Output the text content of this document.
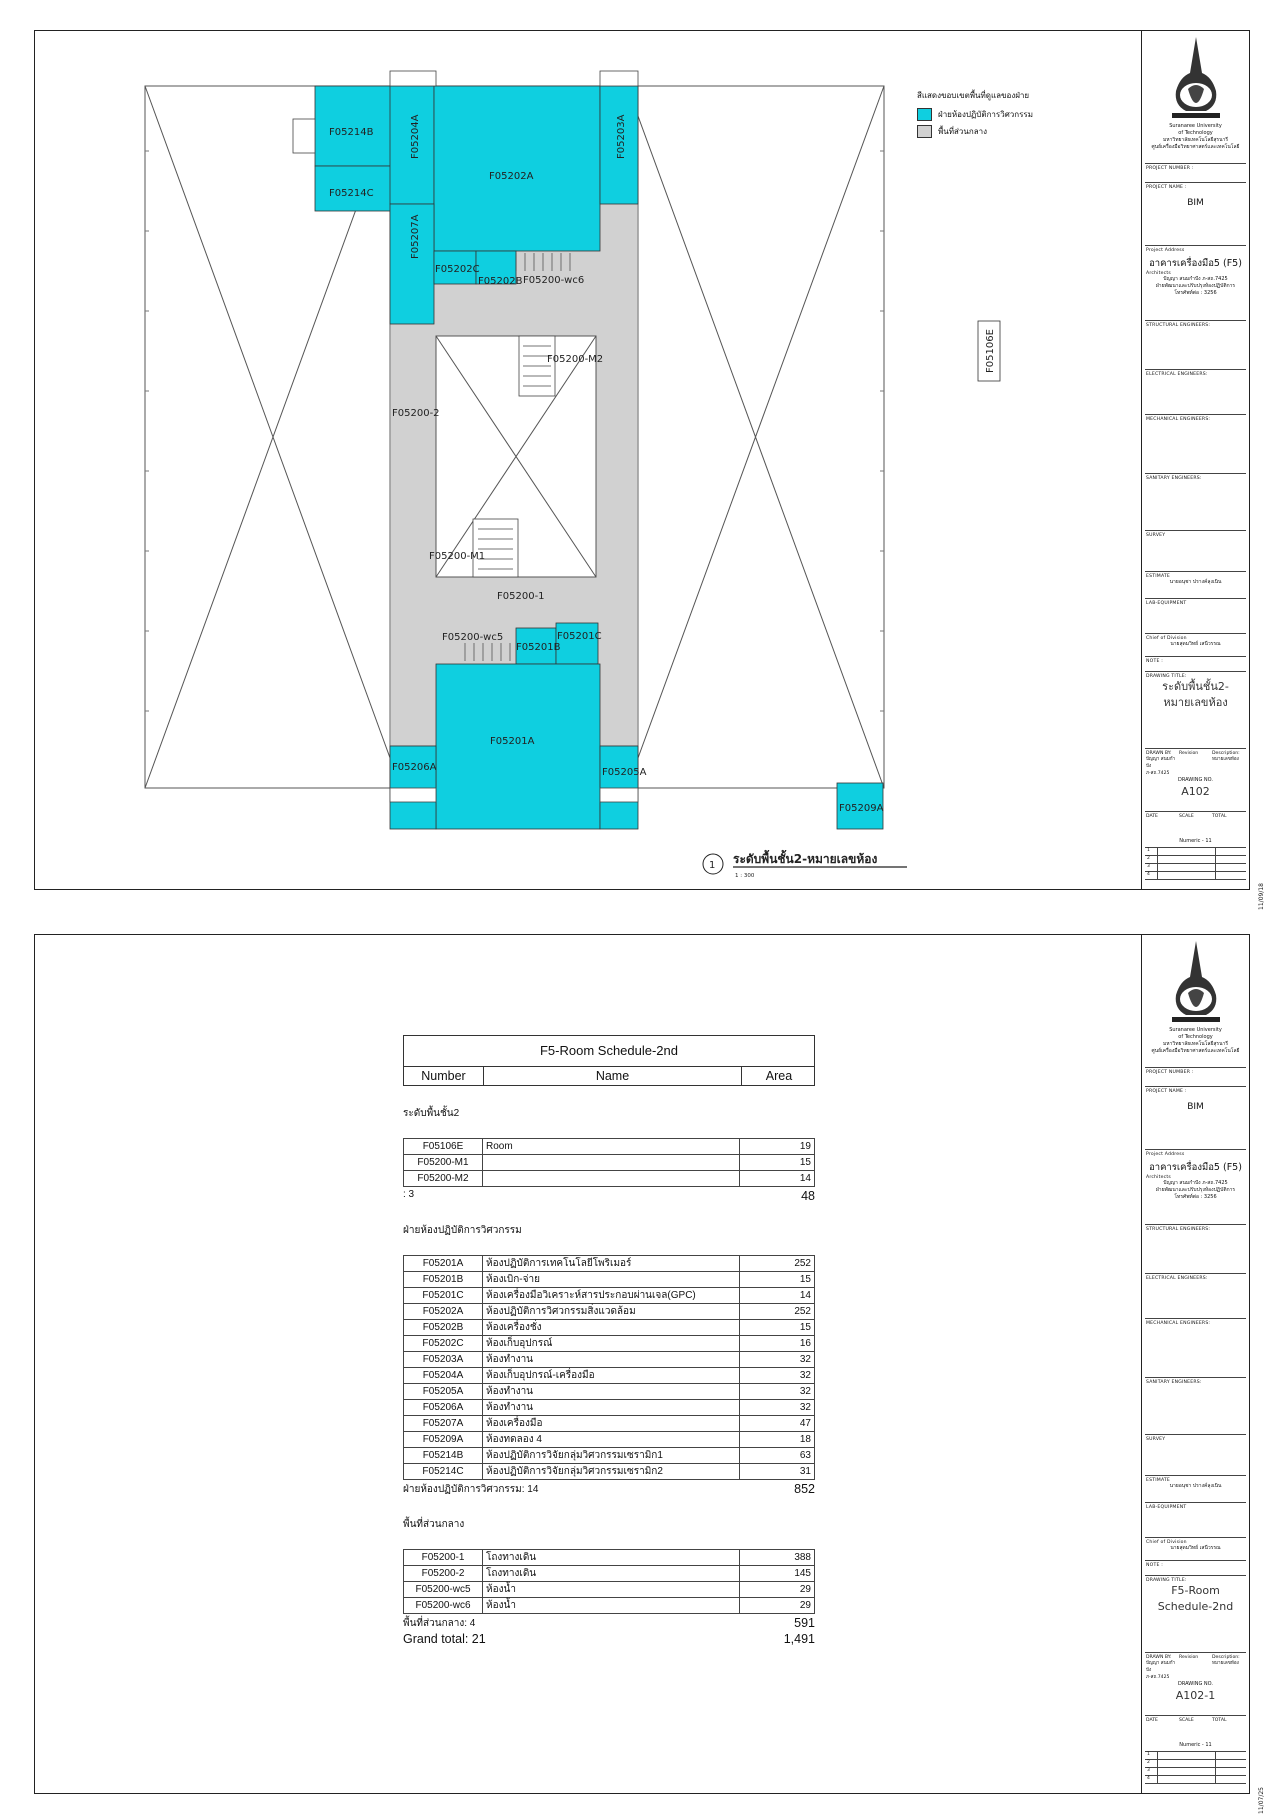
F05214B
F05214C
F05202A
F05202C
F05202B F05200-wc6
F05200-M2
F05200-2
F05200-M1
F05200-1
F05200-wc5
F05201B
F05201C
F05201A
F05206A	F05205A
F05209A
F05204A	F05203A
F05207A
F05106E
1 ระดับพื้นชั้น2-หมายเลขห้อง
1 : 300
สีแสดงขอบเขตพื้นที่ดูแลของฝ่าย
ฝ่ายห้องปฏิบัติการวิศวกรรม
พื้นที่ส่วนกลาง
Suranaree University
of Technology
มหาวิทยาลัยเทคโนโลยีสุรนารี
ศูนย์เครื่องมือวิทยาศาสตร์และเทคโนโลยี
PROJECT NUMBER :
PROJECT NAME :
BIM
Project Address
อาคารเครื่องมือ5 (F5)
Architects
ปัญญา สนมกำปัง ภ-สถ.7425
ฝ่ายพัฒนาและปรับปรุงห้องปฏิบัติการ
โทรศัพท์ต่อ : 3256
STRUCTURAL ENGINEERS:
ELECTRICAL ENGINEERS:
MECHANICAL ENGINEERS:
SANITARY ENGINEERS:
SURVEY
ESTIMATE
นายอนุชา ปรางค์ลุงเนิน
LAB-EQUIPMENT
Chief of Division
นายสุดมวิทย์ เสนีวรรณ
NOTE :
DRAWING TITLE:
ระดับพื้นชั้น2-
หมายเลขห้อง
DRAWN BY:	Revision	Description:
ปัญญา สนมกำปัง
หมายเลขห้อง
ภ-สถ.7425
DRAWING NO.
A102
DATE	SCALE	TOTAL
Numeric - 11
1
2
3
4
11/09/18
F5-Room Schedule-2nd
Number	Name	Area
ระดับพื้นชั้น2
F05106E	Room	19
F05200-M1		15
F05200-M2		14
: 3	48
ฝ่ายห้องปฏิบัติการวิศวกรรม
F05201A	ห้องปฏิบัติการเทคโนโลยีโพริเมอร์	252
F05201B	ห้องเบิก-จ่าย	15
F05201C	ห้องเครื่องมือวิเคราะห์สารประกอบผ่านเจล(GPC)	14
F05202A	ห้องปฏิบัติการวิศวกรรมสิ่งแวดล้อม	252
F05202B	ห้องเครื่องชั่ง	15
F05202C	ห้องเก็บอุปกรณ์	16
F05203A	ห้องทำงาน	32
F05204A	ห้องเก็บอุปกรณ์-เครื่องมือ	32
F05205A	ห้องทำงาน	32
F05206A	ห้องทำงาน	32
F05207A	ห้องเครื่องมือ	47
F05209A	ห้องทดลอง 4	18
F05214B	ห้องปฏิบัติการวิจัยกลุ่มวิศวกรรมเซรามิก1	63
F05214C	ห้องปฏิบัติการวิจัยกลุ่มวิศวกรรมเซรามิก2	31
ฝ่ายห้องปฏิบัติการวิศวกรรม: 14	852
พื้นที่ส่วนกลาง
F05200-1	โถงทางเดิน	388
F05200-2	โถงทางเดิน	145
F05200-wc5	ห้องน้ำ	29
F05200-wc6	ห้องน้ำ	29
พื้นที่ส่วนกลาง: 4	591
Grand total: 21	1,491
Suranaree University
of Technology
มหาวิทยาลัยเทคโนโลยีสุรนารี
ศูนย์เครื่องมือวิทยาศาสตร์และเทคโนโลยี
PROJECT NUMBER :
PROJECT NAME :
BIM
Project Address
อาคารเครื่องมือ5 (F5)
Architects
ปัญญา สนมกำปัง ภ-สถ.7425
ฝ่ายพัฒนาและปรับปรุงห้องปฏิบัติการ
โทรศัพท์ต่อ : 3256
STRUCTURAL ENGINEERS:
ELECTRICAL ENGINEERS:
MECHANICAL ENGINEERS:
SANITARY ENGINEERS:
SURVEY
ESTIMATE
นายอนุชา ปรางค์ลุงเนิน
LAB-EQUIPMENT
Chief of Division
นายสุดมวิทย์ เสนีวรรณ
NOTE :
DRAWING TITLE:
F5-Room
Schedule-2nd
DRAWN BY:	Revision	Description:
ปัญญา สนมกำปัง
หมายเลขห้อง
ภ-สถ.7425
DRAWING NO.
A102-1
DATE	SCALE	TOTAL
Numeric - 11
1
2
3
4
11/07/25
